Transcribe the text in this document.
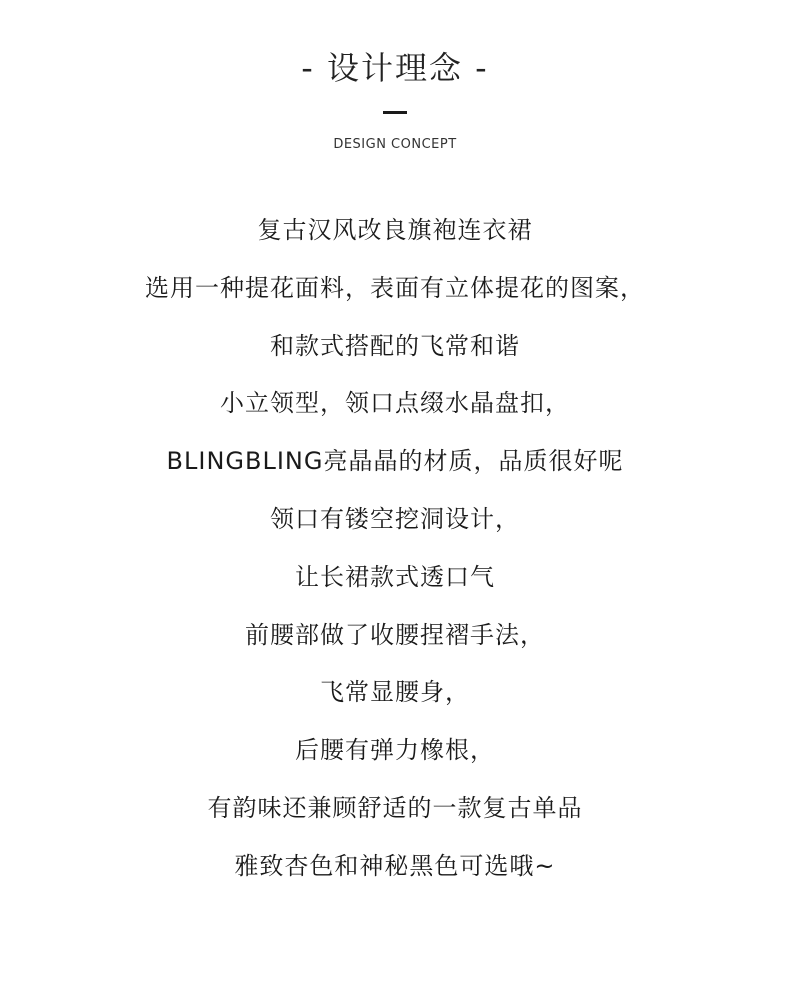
- 设计理念 -
DESIGN CONCEPT
复古汉风改良旗袍连衣裙
选用一种提花面料，表面有立体提花的图案，
和款式搭配的飞常和谐
小立领型，领口点缀水晶盘扣，
BLINGBLING亮晶晶的材质，品质很好呢
领口有镂空挖洞设计，
让长裙款式透口气
前腰部做了收腰捏褶手法，
飞常显腰身，
后腰有弹力橡根，
有韵味还兼顾舒适的一款复古单品
雅致杏色和神秘黑色可选哦~
